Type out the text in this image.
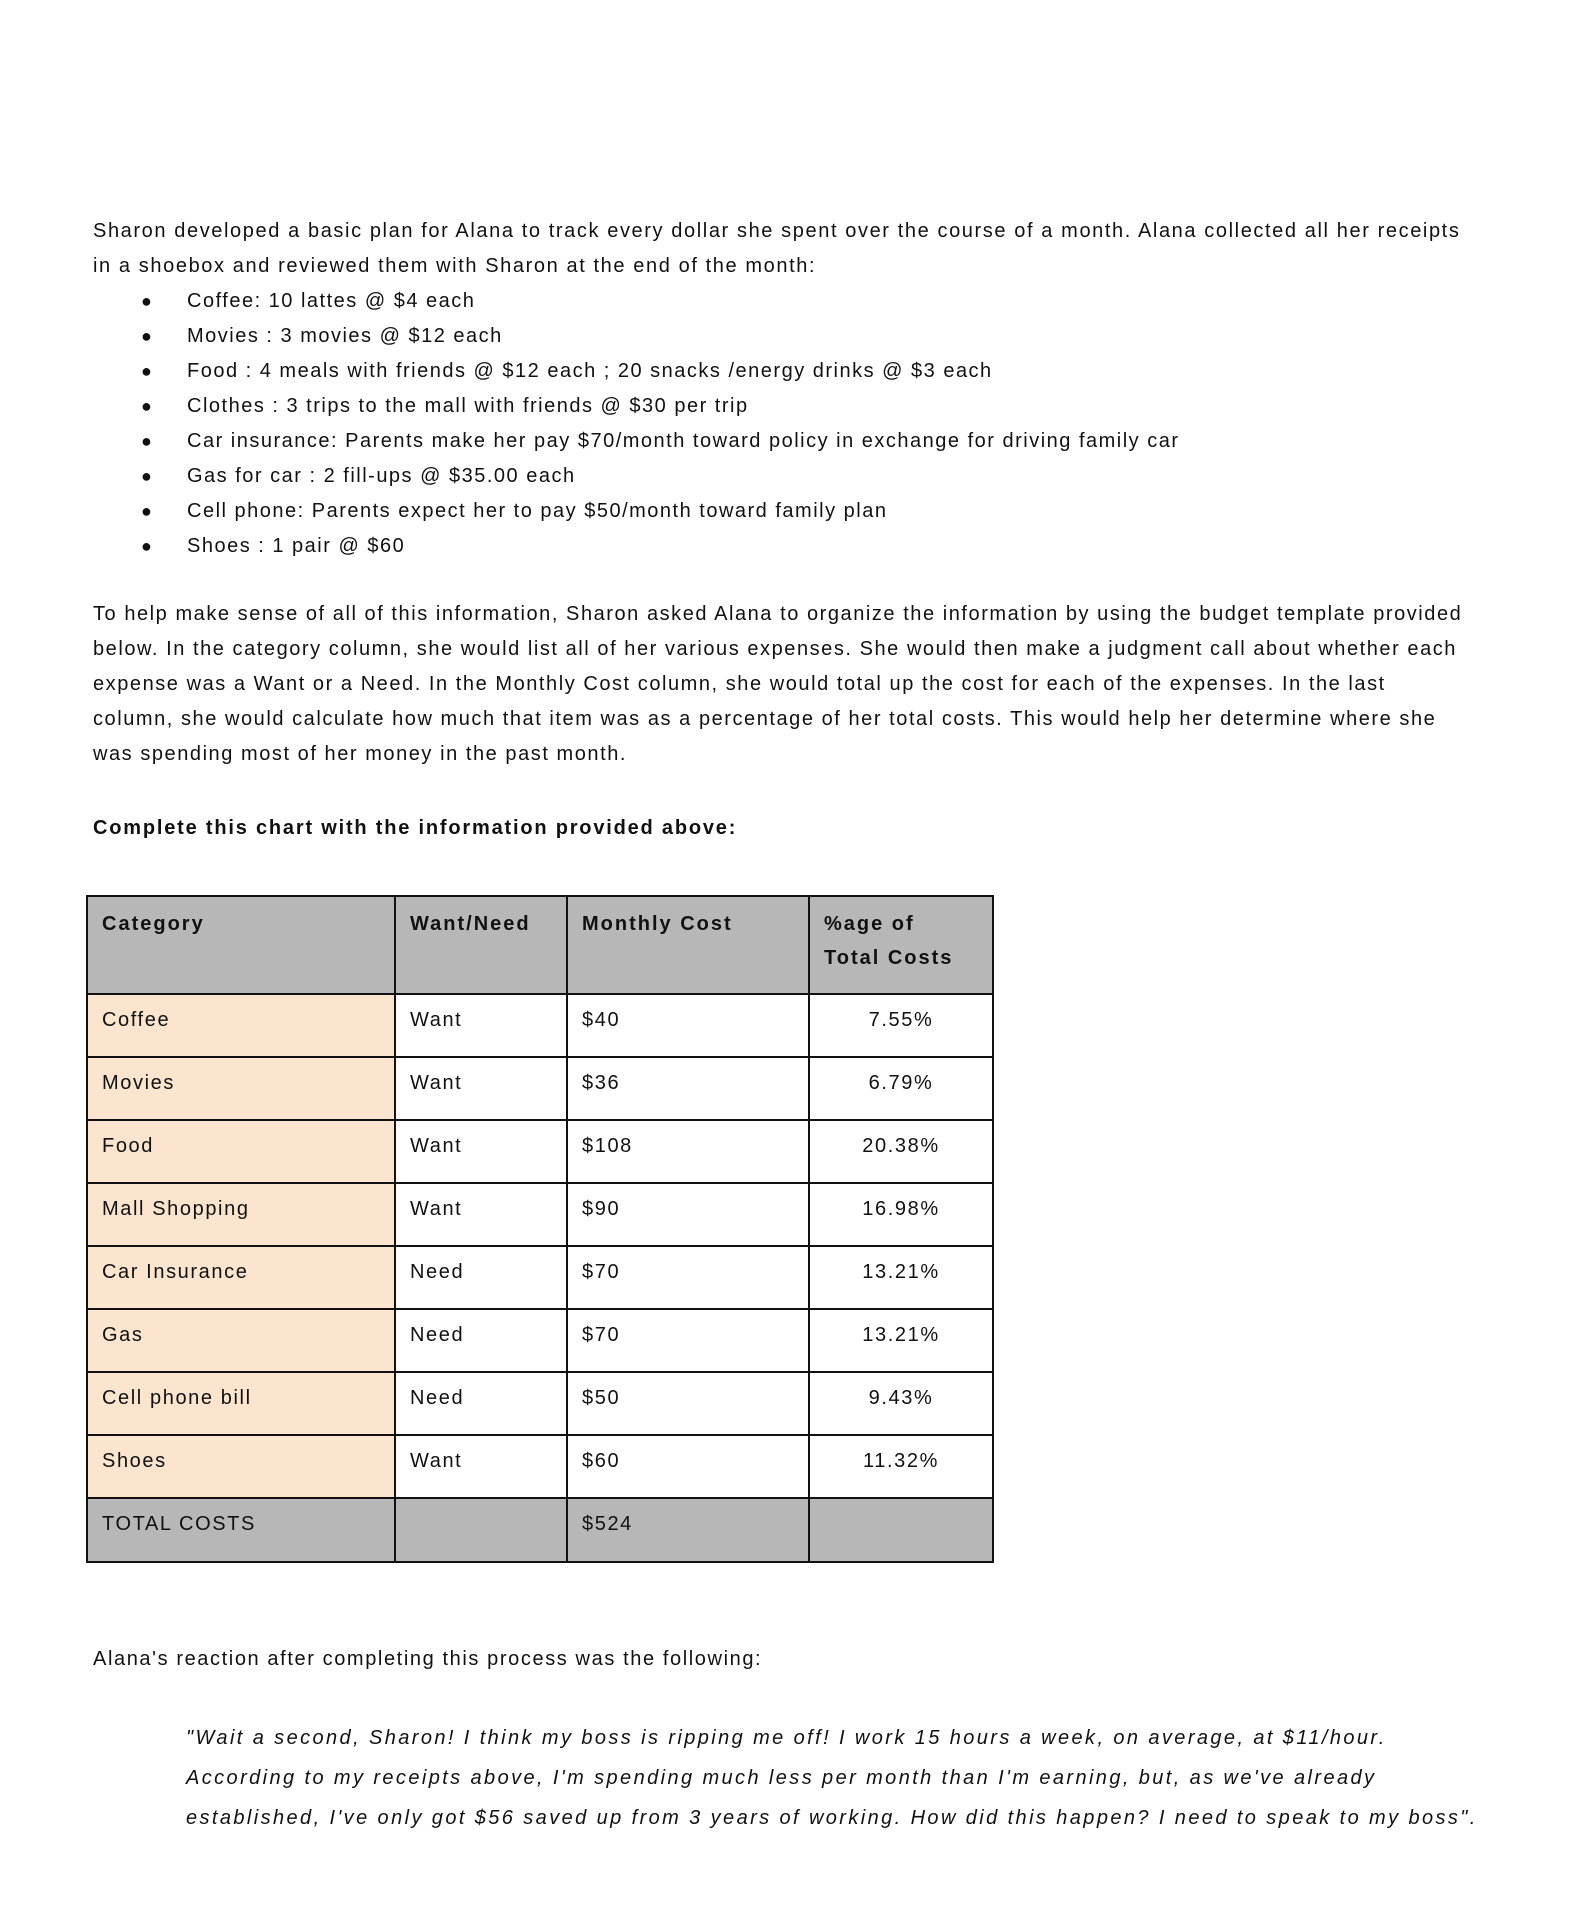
Sharon developed a basic plan for Alana to track every dollar she spent over the course of a month. Alana collected all her receipts in a shoebox and reviewed them with Sharon at the end of the month:

● Coffee: 10 lattes @ $4 each
● Movies : 3 movies @ $12 each
● Food : 4 meals with friends @ $12 each ; 20 snacks /energy drinks @ $3 each
● Clothes : 3 trips to the mall with friends @ $30 per trip
● Car insurance: Parents make her pay $70/month toward policy in exchange for driving family car
● Gas for car : 2 fill-ups @ $35.00 each
● Cell phone: Parents expect her to pay $50/month toward family plan
● Shoes : 1 pair @ $60

To help make sense of all of this information, Sharon asked Alana to organize the information by using the budget template provided below. In the category column, she would list all of her various expenses. She would then make a judgment call about whether each expense was a Want or a Need. In the Monthly Cost column, she would total up the cost for each of the expenses. In the last column, she would calculate how much that item was as a percentage of her total costs. This would help her determine where she was spending most of her money in the past month.

Complete this chart with the information provided above:

Category	Want/Need	Monthly Cost	%age of Total Costs
Coffee	Want	$40	7.55%
Movies	Want	$36	6.79%
Food	Want	$108	20.38%
Mall Shopping	Want	$90	16.98%
Car Insurance	Need	$70	13.21%
Gas	Need	$70	13.21%
Cell phone bill	Need	$50	9.43%
Shoes	Want	$60	11.32%
TOTAL COSTS		$524	

Alana's reaction after completing this process was the following:

"Wait a second, Sharon! I think my boss is ripping me off! I work 15 hours a week, on average, at $11/hour. According to my receipts above, I'm spending much less per month than I'm earning, but, as we've already established, I've only got $56 saved up from 3 years of working. How did this happen? I need to speak to my boss".
